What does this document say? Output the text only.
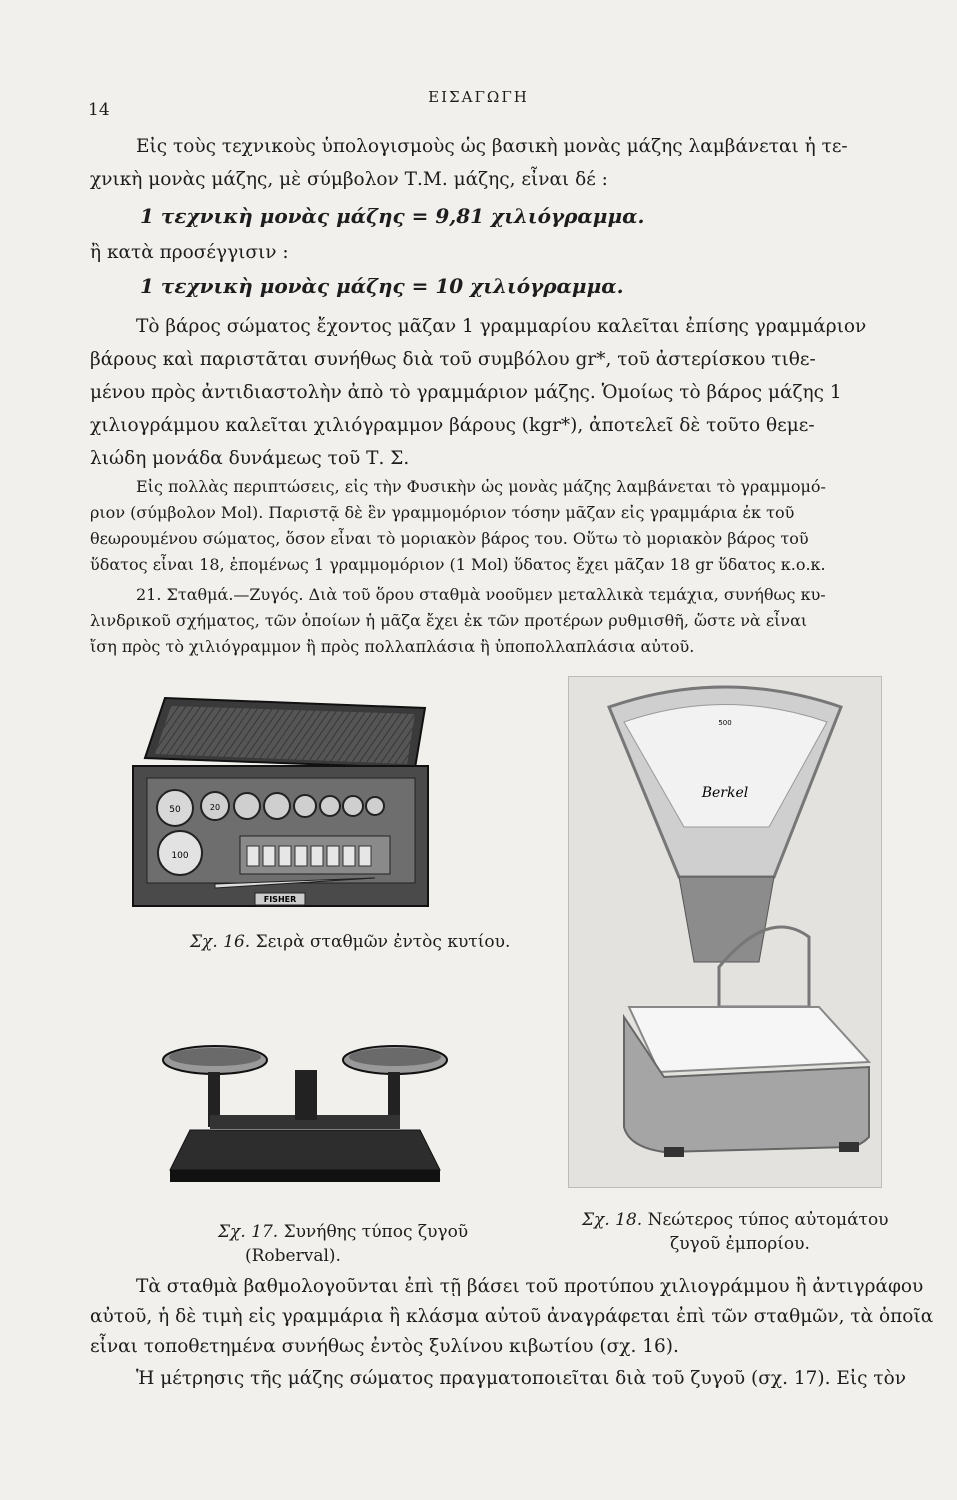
14
ΕΙΣΑΓΩΓΗ
Εἰς τοὺς τεχνικοὺς ὑπολογισμοὺς ὡς βασικὴ μονὰς μάζης λαμβάνεται ἡ τε-
χνικὴ μονὰς μάζης, μὲ σύμβολον Τ.Μ. μάζης, εἶναι δέ :
1 τεχνικὴ μονὰς μάζης = 9,81 χιλιόγραμμα.
ἢ κατὰ προσέγγισιν :
1 τεχνικὴ μονὰς μάζης = 10 χιλιόγραμμα.
Τὸ βάρος σώματος ἔχοντος μᾶζαν 1 γραμμαρίου καλεῖται ἐπίσης γραμμάριον
βάρους καὶ παριστᾶται συνήθως διὰ τοῦ συμβόλου gr*, τοῦ ἀστερίσκου τιθε-
μένου πρὸς ἀντιδιαστολὴν ἀπὸ τὸ γραμμάριον μάζης. Ὁμοίως τὸ βάρος μάζης 1
χιλιογράμμου καλεῖται χιλιόγραμμον βάρους (kgr*), ἀποτελεῖ δὲ τοῦτο θεμε-
λιώδη μονάδα δυνάμεως τοῦ Τ. Σ.
Εἰς πολλὰς περιπτώσεις, εἰς τὴν Φυσικὴν ὡς μονὰς μάζης λαμβάνεται τὸ γραμμομό-
ριον (σύμβολον Mol). Παριστᾷ δὲ ἓν γραμμομόριον τόσην μᾶζαν εἰς γραμμάρια ἐκ τοῦ
θεωρουμένου σώματος, ὅσον εἶναι τὸ μοριακὸν βάρος του. Οὕτω τὸ μοριακὸν βάρος τοῦ
ὕδατος εἶναι 18, ἑπομένως 1 γραμμομόριον (1 Mol) ὕδατος ἔχει μᾶζαν 18 gr ὕδατος κ.ο.κ.
21. Σταθμά.—Ζυγός. Διὰ τοῦ ὅρου σταθμὰ νοοῦμεν μεταλλικὰ τεμάχια, συνήθως κυ-
λινδρικοῦ σχήματος, τῶν ὁποίων ἡ μᾶζα ἔχει ἐκ τῶν προτέρων ρυθμισθῆ, ὥστε νὰ εἶναι
ἴση πρὸς τὸ χιλιόγραμμον ἢ πρὸς πολλαπλάσια ἢ ὑποπολλαπλάσια αὐτοῦ.
50	20
100
FISHER
Σχ. 16. Σειρὰ σταθμῶν ἐντὸς κυτίου.
Σχ. 17. Συνήθης τύπος ζυγοῦ
(Roberval).
500
Berkel
Σχ. 18. Νεώτερος τύπος αὐτομάτου
ζυγοῦ ἐμπορίου.
Τὰ σταθμὰ βαθμολογοῦνται ἐπὶ τῇ βάσει τοῦ προτύπου χιλιογράμμου ἢ ἀντιγράφου
αὐτοῦ, ἡ δὲ τιμὴ εἰς γραμμάρια ἢ κλάσμα αὐτοῦ ἀναγράφεται ἐπὶ τῶν σταθμῶν, τὰ ὁποῖα
εἶναι τοποθετημένα συνήθως ἐντὸς ξυλίνου κιβωτίου (σχ. 16).
Ἡ μέτρησις τῆς μάζης σώματος πραγματοποιεῖται διὰ τοῦ ζυγοῦ (σχ. 17). Εἰς τὸν
